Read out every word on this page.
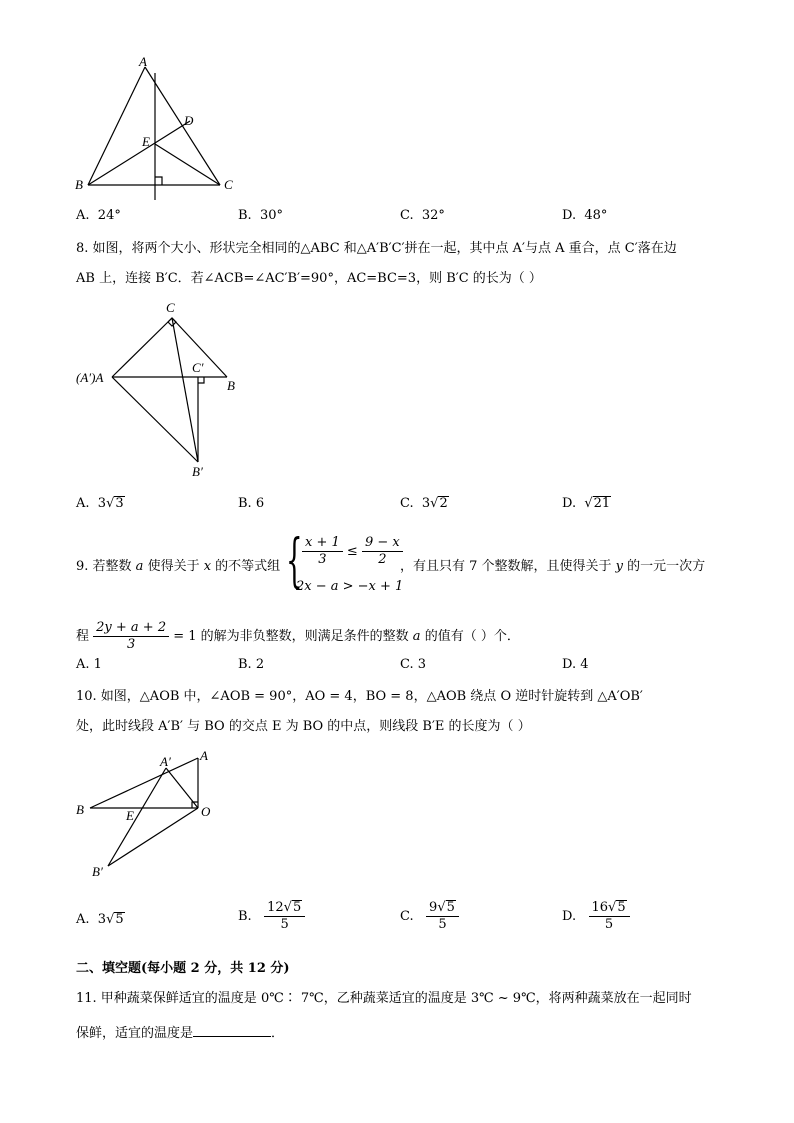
A
D
E
B	C
A. 24°	B. 30°	C. 32°	D. 48°
8. 如图，将两个大小、形状完全相同的△ABC 和△A′B′C′拼在一起，其中点 A′与点 A 重合，点 C′落在边
AB 上，连接 B′C．若∠ACB=∠AC′B′=90°，AC=BC=3，则 B′C 的长为（ ）
C
(A′)A
C′
B
B′
A. 3√3	B. 6	C. 3√2	D. √21
9. 若整数 a 使得关于 x 的不等式组 { $\frac{x + 1}{3} \le \frac{9 - x}{2}$
2x − a > −x + 1
，有且只有 7 个整数解，且使得关于 y 的一元一次方
程 $\frac{2y + a + 2}{3} = 1$ 的解为非负整数，则满足条件的整数 a 的值有（ ）个．
A. 1	B. 2	C. 3	D. 4
10. 如图，△AOB 中，∠AOB = 90°，AO = 4，BO = 8，△AOB 绕点 O 逆时针旋转到 △A′OB′
处，此时线段 A′B′ 与 BO 的交点 E 为 BO 的中点，则线段 B′E 的长度为（ ）
A′ A
B	E	O
B′
A. 3√5	B. $\frac{12√5}{5}$	C. $\frac{9√5}{5}$	D. $\frac{16√5}{5}$
二、填空题(每小题 2 分，共 12 分)
11. 甲种蔬菜保鲜适宜的温度是 0℃∶ 7℃，乙种蔬菜适宜的温度是 3℃ ~ 9℃，将两种蔬菜放在一起同时
保鲜，适宜的温度是	．
